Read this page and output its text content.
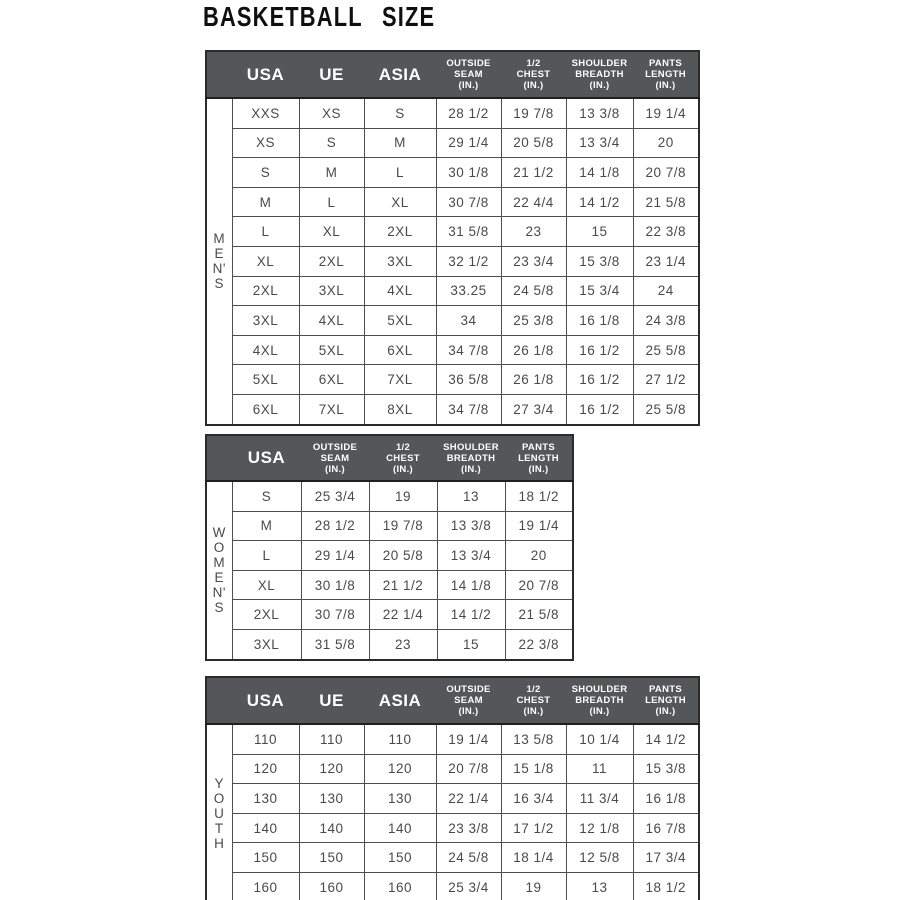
BASKETBALL SIZE

	USA	UE	ASIA	OUTSIDE
SEAM
(IN.)	1/2
CHEST
(IN.)	SHOULDER
BREADTH
(IN.)	PANTS
LENGTH
(IN.)

M
E
N'
S	XXS	XS	S	28 1/2	19 7/8	13 3/8	19 1/4
	XS	S	M	29 1/4	20 5/8	13 3/4	20
	S	M	L	30 1/8	21 1/2	14 1/8	20 7/8
	M	L	XL	30 7/8	22 4/4	14 1/2	21 5/8
	L	XL	2XL	31 5/8	23	15	22 3/8
	XL	2XL	3XL	32 1/2	23 3/4	15 3/8	23 1/4
	2XL	3XL	4XL	33.25	24 5/8	15 3/4	24
	3XL	4XL	5XL	34	25 3/8	16 1/8	24 3/8
	4XL	5XL	6XL	34 7/8	26 1/8	16 1/2	25 5/8
	5XL	6XL	7XL	36 5/8	26 1/8	16 1/2	27 1/2
	6XL	7XL	8XL	34 7/8	27 3/4	16 1/2	25 5/8

	USA	OUTSIDE
SEAM
(IN.)	1/2
CHEST
(IN.)	SHOULDER
BREADTH
(IN.)	PANTS
LENGTH
(IN.)

W
O
M
E
N'
S
	S	25 3/4	19	13	18 1/2
	M	28 1/2	19 7/8	13 3/8	19 1/4
	L	29 1/4	20 5/8	13 3/4	20
	XL	30 1/8	21 1/2	14 1/8	20 7/8
	2XL	30 7/8	22 1/4	14 1/2	21 5/8
	3XL	31 5/8	23	15	22 3/8

	USA	UE	ASIA	OUTSIDE
SEAM
(IN.)	1/2
CHEST
(IN.)	SHOULDER
BREADTH
(IN.)	PANTS
LENGTH
(IN.)

Y
O
U
T
H	110	110	110	19 1/4	13 5/8	10 1/4	14 1/2
	120	120	120	20 7/8	15 1/8	11	15 3/8
	130	130	130	22 1/4	16 3/4	11 3/4	16 1/8
	140	140	140	23 3/8	17 1/2	12 1/8	16 7/8
	150	150	150	24 5/8	18 1/4	12 5/8	17 3/4
	160	160	160	25 3/4	19	13	18 1/2
